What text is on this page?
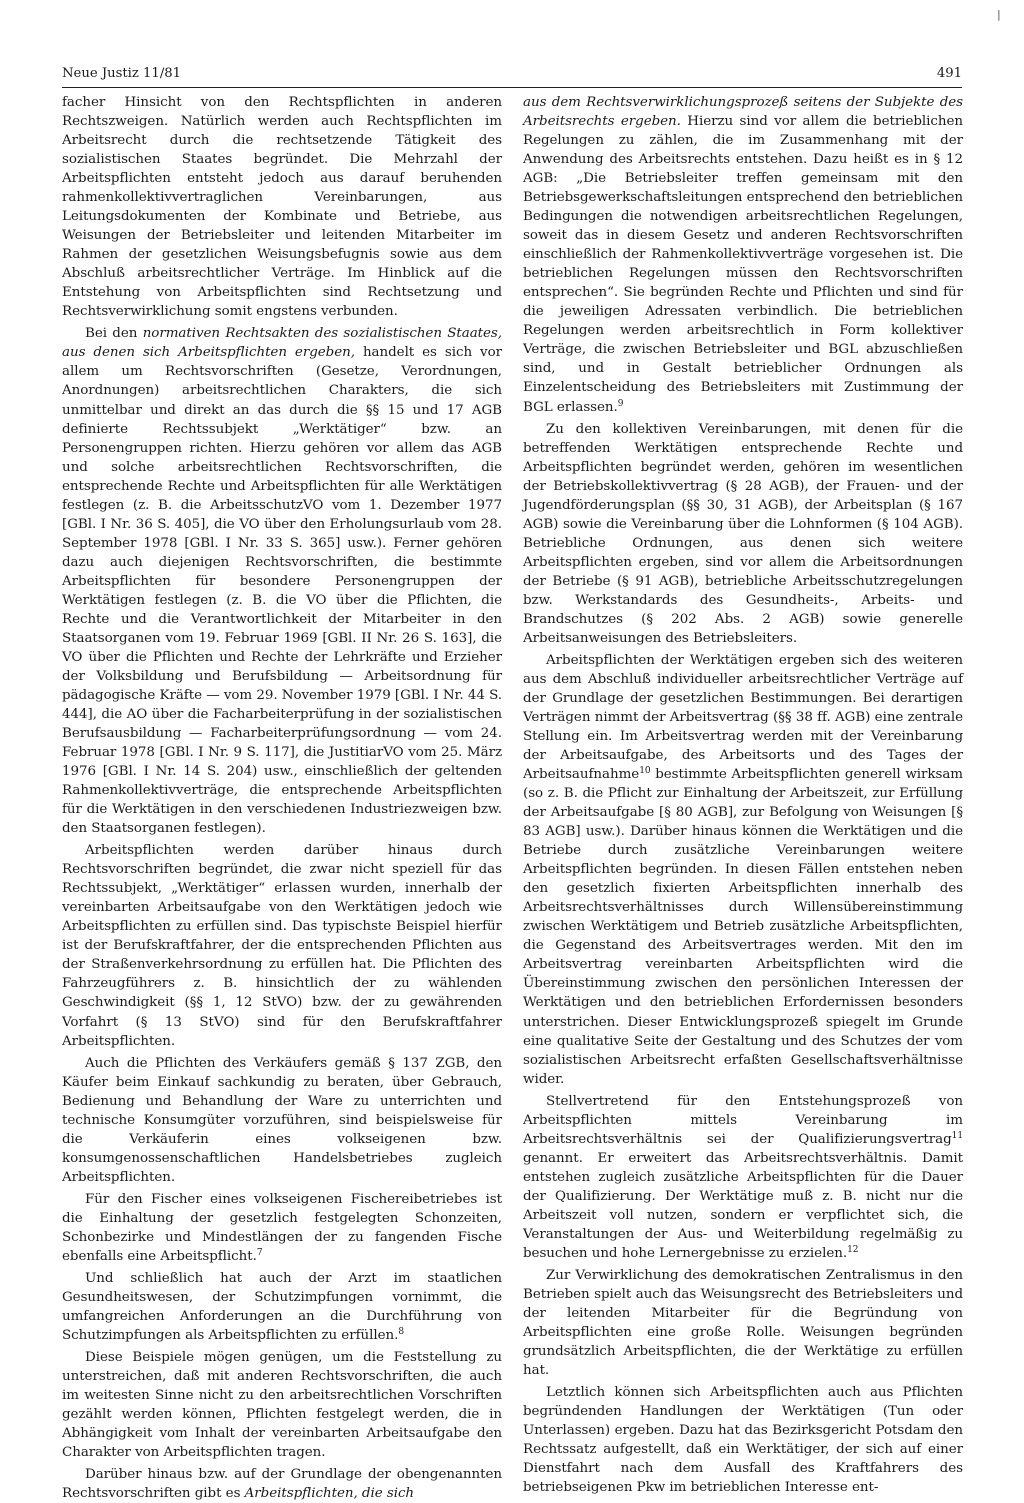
|
Neue Justiz 11/81	491

facher Hinsicht von den Rechtspflichten in anderen Rechtszweigen. Natürlich werden auch Rechtspflichten im Arbeitsrecht durch die rechtsetzende Tätigkeit des sozialistischen Staates begründet. Die Mehrzahl der Arbeitspflichten entsteht jedoch aus darauf beruhenden rahmenkollektivvertraglichen Vereinbarungen, aus Leitungsdokumenten der Kombinate und Betriebe, aus Weisungen der Betriebsleiter und leitenden Mitarbeiter im Rahmen der gesetzlichen Weisungsbefugnis sowie aus dem Abschluß arbeitsrechtlicher Verträge. Im Hinblick auf die Entstehung von Arbeitspflichten sind Rechtsetzung und Rechtsverwirklichung somit engstens verbunden.

Bei den normativen Rechtsakten des sozialistischen Staates, aus denen sich Arbeitspflichten ergeben, handelt es sich vor allem um Rechtsvorschriften (Gesetze, Verordnungen, Anordnungen) arbeitsrechtlichen Charakters, die sich unmittelbar und direkt an das durch die §§ 15 und 17 AGB definierte Rechtssubjekt „Werktätiger“ bzw. an Personengruppen richten. Hierzu gehören vor allem das AGB und solche arbeitsrechtlichen Rechtsvorschriften, die entsprechende Rechte und Arbeitspflichten für alle Werktätigen festlegen (z. B. die ArbeitsschutzVO vom 1. Dezember 1977 [GBl. I Nr. 36 S. 405], die VO über den Erholungsurlaub vom 28. September 1978 [GBl. I Nr. 33 S. 365] usw.). Ferner gehören dazu auch diejenigen Rechtsvorschriften, die bestimmte Arbeitspflichten für besondere Personengruppen der Werktätigen festlegen (z. B. die VO über die Pflichten, die Rechte und die Verantwortlichkeit der Mitarbeiter in den Staatsorganen vom 19. Februar 1969 [GBl. II Nr. 26 S. 163], die VO über die Pflichten und Rechte der Lehrkräfte und Erzieher der Volksbildung und Berufsbildung — Arbeitsordnung für pädagogische Kräfte — vom 29. November 1979 [GBl. I Nr. 44 S. 444], die AO über die Facharbeiterprüfung in der sozialistischen Berufsausbildung — Facharbeiterprüfungsordnung — vom 24. Februar 1978 [GBl. I Nr. 9 S. 117], die JustitiarVO vom 25. März 1976 [GBl. I Nr. 14 S. 204) usw., einschließlich der geltenden Rahmenkollektivverträge, die entsprechende Arbeitspflichten für die Werktätigen in den verschiedenen Industriezweigen bzw. den Staatsorganen festlegen).

Arbeitspflichten werden darüber hinaus durch Rechtsvorschriften begründet, die zwar nicht speziell für das Rechtssubjekt, „Werktätiger“ erlassen wurden, innerhalb der vereinbarten Arbeitsaufgabe von den Werktätigen jedoch wie Arbeitspflichten zu erfüllen sind. Das typischste Beispiel hierfür ist der Berufskraftfahrer, der die entsprechenden Pflichten aus der Straßenverkehrsordnung zu erfüllen hat. Die Pflichten des Fahrzeugführers z. B. hinsichtlich der zu wählenden Geschwindigkeit (§§ 1, 12 StVO) bzw. der zu gewährenden Vorfahrt (§ 13 StVO) sind für den Berufskraftfahrer Arbeitspflichten.

Auch die Pflichten des Verkäufers gemäß § 137 ZGB, den Käufer beim Einkauf sachkundig zu beraten, über Gebrauch, Bedienung und Behandlung der Ware zu unterrichten und technische Konsumgüter vorzuführen, sind beispielsweise für die Verkäuferin eines volkseigenen bzw. konsumgenossenschaftlichen Handelsbetriebes zugleich Arbeitspflichten.

Für den Fischer eines volkseigenen Fischereibetriebes ist die Einhaltung der gesetzlich festgelegten Schonzeiten, Schonbezirke und Mindestlängen der zu fangenden Fische ebenfalls eine Arbeitspflicht.$^7$

Und schließlich hat auch der Arzt im staatlichen Gesundheitswesen, der Schutzimpfungen vornimmt, die umfangreichen Anforderungen an die Durchführung von Schutzimpfungen als Arbeitspflichten zu erfüllen.$^8$

Diese Beispiele mögen genügen, um die Feststellung zu unterstreichen, daß mit anderen Rechtsvorschriften, die auch im weitesten Sinne nicht zu den arbeitsrechtlichen Vorschriften gezählt werden können, Pflichten festgelegt werden, die in Abhängigkeit vom Inhalt der vereinbarten Arbeitsaufgabe den Charakter von Arbeitspflichten tragen.

Darüber hinaus bzw. auf der Grundlage der obengenannten Rechtsvorschriften gibt es Arbeitspflichten, die sich

aus dem Rechtsverwirklichungsprozeß seitens der Subjekte des Arbeitsrechts ergeben. Hierzu sind vor allem die betrieblichen Regelungen zu zählen, die im Zusammenhang mit der Anwendung des Arbeitsrechts entstehen. Dazu heißt es in § 12 AGB: „Die Betriebsleiter treffen gemeinsam mit den Betriebsgewerkschaftsleitungen entsprechend den betrieblichen Bedingungen die notwendigen arbeitsrechtlichen Regelungen, soweit das in diesem Gesetz und anderen Rechtsvorschriften einschließlich der Rahmenkollektivverträge vorgesehen ist. Die betrieblichen Regelungen müssen den Rechtsvorschriften entsprechen“. Sie begründen Rechte und Pflichten und sind für die jeweiligen Adressaten verbindlich. Die betrieblichen Regelungen werden arbeitsrechtlich in Form kollektiver Verträge, die zwischen Betriebsleiter und BGL abzuschließen sind, und in Gestalt betrieblicher Ordnungen als Einzelentscheidung des Betriebsleiters mit Zustimmung der BGL erlassen.$^9$

Zu den kollektiven Vereinbarungen, mit denen für die betreffenden Werktätigen entsprechende Rechte und Arbeitspflichten begründet werden, gehören im wesentlichen der Betriebskollektivvertrag (§ 28 AGB), der Frauen- und der Jugendförderungsplan (§§ 30, 31 AGB), der Arbeitsplan (§ 167 AGB) sowie die Vereinbarung über die Lohnformen (§ 104 AGB). Betriebliche Ordnungen, aus denen sich weitere Arbeitspflichten ergeben, sind vor allem die Arbeitsordnungen der Betriebe (§ 91 AGB), betriebliche Arbeitsschutzregelungen bzw. Werkstandards des Gesundheits-, Arbeits- und Brandschutzes (§ 202 Abs. 2 AGB) sowie generelle Arbeitsanweisungen des Betriebsleiters.

Arbeitspflichten der Werktätigen ergeben sich des weiteren aus dem Abschluß individueller arbeitsrechtlicher Verträge auf der Grundlage der gesetzlichen Bestimmungen. Bei derartigen Verträgen nimmt der Arbeitsvertrag (§§ 38 ff. AGB) eine zentrale Stellung ein. Im Arbeitsvertrag werden mit der Vereinbarung der Arbeitsaufgabe, des Arbeitsorts und des Tages der Arbeitsaufnahme$^{10}$ bestimmte Arbeitspflichten generell wirksam (so z. B. die Pflicht zur Einhaltung der Arbeitszeit, zur Erfüllung der Arbeitsaufgabe [§ 80 AGB], zur Befolgung von Weisungen [§ 83 AGB] usw.). Darüber hinaus können die Werktätigen und die Betriebe durch zusätzliche Vereinbarungen weitere Arbeitspflichten begründen. In diesen Fällen entstehen neben den gesetzlich fixierten Arbeitspflichten innerhalb des Arbeitsrechtsverhältnisses durch Willensübereinstimmung zwischen Werktätigem und Betrieb zusätzliche Arbeitspflichten, die Gegenstand des Arbeitsvertrages werden. Mit den im Arbeitsvertrag vereinbarten Arbeitspflichten wird die Übereinstimmung zwischen den persönlichen Interessen der Werktätigen und den betrieblichen Erfordernissen besonders unterstrichen. Dieser Entwicklungsprozeß spiegelt im Grunde eine qualitative Seite der Gestaltung und des Schutzes der vom sozialistischen Arbeitsrecht erfaßten Gesellschaftsverhältnisse wider.

Stellvertretend für den Entstehungsprozeß von Arbeitspflichten mittels Vereinbarung im Arbeitsrechtsverhältnis sei der Qualifizierungsvertrag$^{11}$ genannt. Er erweitert das Arbeitsrechtsverhältnis. Damit entstehen zugleich zusätzliche Arbeitspflichten für die Dauer der Qualifizierung. Der Werktätige muß z. B. nicht nur die Arbeitszeit voll nutzen, sondern er verpflichtet sich, die Veranstaltungen der Aus- und Weiterbildung regelmäßig zu besuchen und hohe Lernergebnisse zu erzielen.$^{12}$

Zur Verwirklichung des demokratischen Zentralismus in den Betrieben spielt auch das Weisungsrecht des Betriebsleiters und der leitenden Mitarbeiter für die Begründung von Arbeitspflichten eine große Rolle. Weisungen begründen grundsätzlich Arbeitspflichten, die der Werktätige zu erfüllen hat.

Letztlich können sich Arbeitspflichten auch aus Pflichten begründenden Handlungen der Werktätigen (Tun oder Unterlassen) ergeben. Dazu hat das Bezirksgericht Potsdam den Rechtssatz aufgestellt, daß ein Werktätiger, der sich auf einer Dienstfahrt nach dem Ausfall des Kraftfahrers des betriebseigenen Pkw im betrieblichen Interesse ent-
